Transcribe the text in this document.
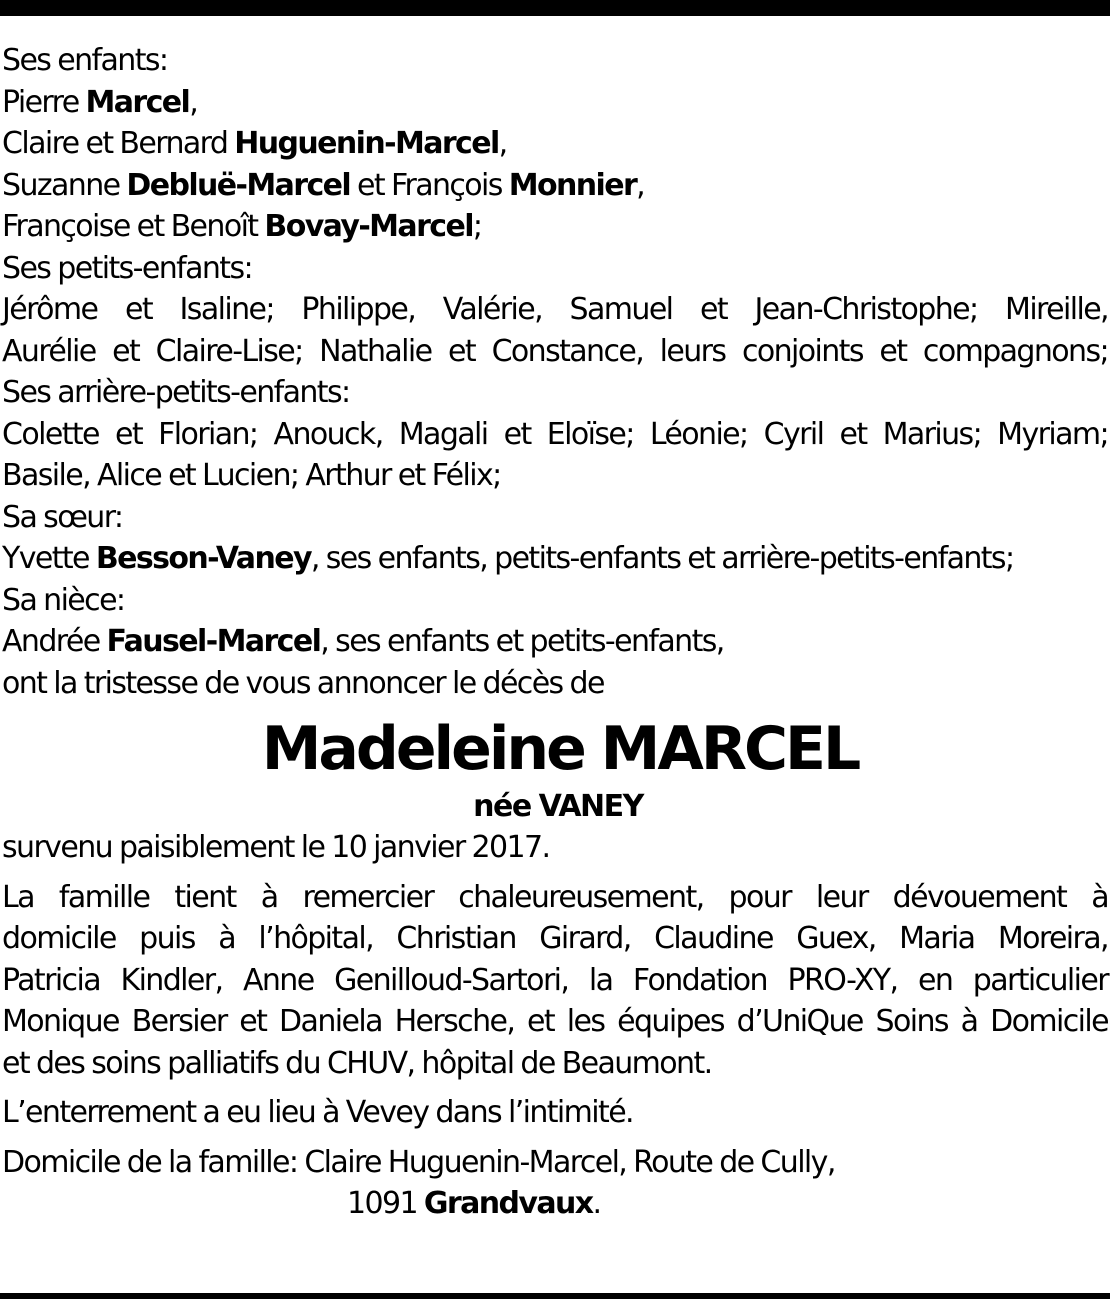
Ses enfants:
Pierre Marcel,
Claire et Bernard Huguenin-Marcel,
Suzanne Debluë-Marcel et François Monnier,
Françoise et Benoît Bovay-Marcel;
Ses petits-enfants:
Jérôme et Isaline; Philippe, Valérie, Samuel et Jean-Christophe; Mireille,
Aurélie et Claire-Lise; Nathalie et Constance, leurs conjoints et compagnons;
Ses arrière-petits-enfants:
Colette et Florian; Anouck, Magali et Eloïse; Léonie; Cyril et Marius; Myriam;
Basile, Alice et Lucien; Arthur et Félix;
Sa sœur:
Yvette Besson-Vaney, ses enfants, petits-enfants et arrière-petits-enfants;
Sa nièce:
Andrée Fausel-Marcel, ses enfants et petits-enfants,
ont la tristesse de vous annoncer le décès de
Madeleine MARCEL
née VANEY
survenu paisiblement le 10 janvier 2017.
La famille tient à remercier chaleureusement, pour leur dévouement à
domicile puis à l’hôpital, Christian Girard, Claudine Guex, Maria Moreira,
Patricia Kindler, Anne Genilloud-Sartori, la Fondation PRO-XY, en particulier
Monique Bersier et Daniela Hersche, et les équipes d’UniQue Soins à Domicile
et des soins palliatifs du CHUV, hôpital de Beaumont.
L’enterrement a eu lieu à Vevey dans l’intimité.
Domicile de la famille: Claire Huguenin-Marcel, Route de Cully,
1091 Grandvaux.
